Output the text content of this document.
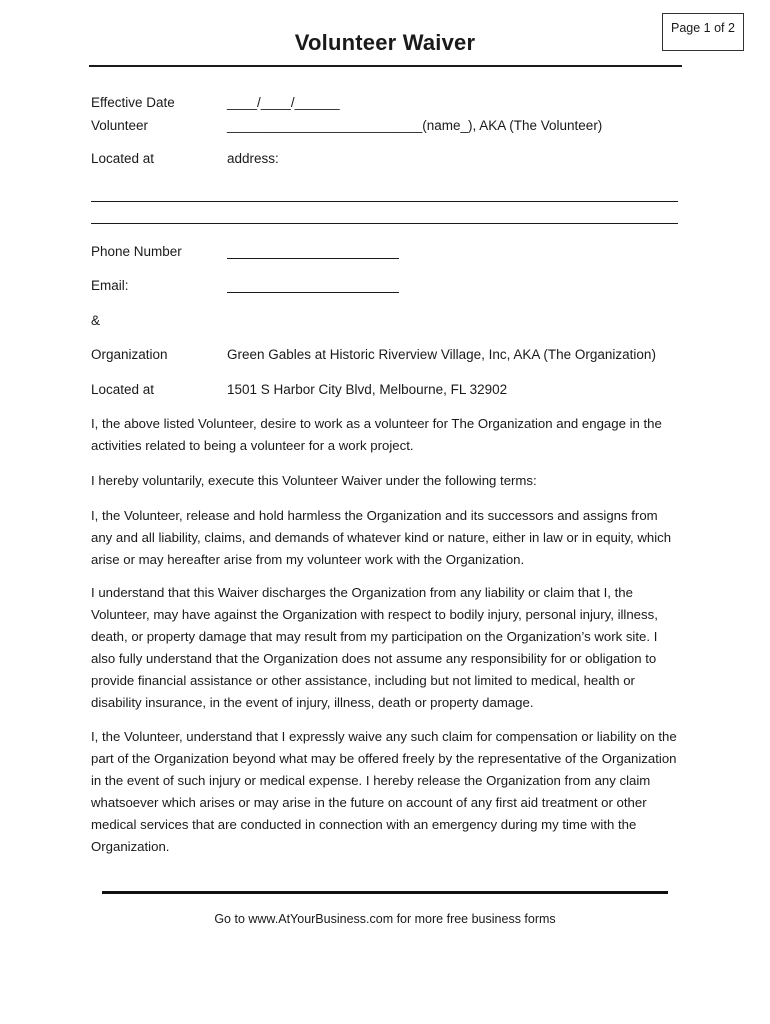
Page 1 of 2
Volunteer Waiver
Effective Date	____/____/______
Volunteer	__________________________(name_), AKA (The Volunteer)
Located at	address:
Phone Number
Email:
&
Organization	Green Gables at Historic Riverview Village, Inc, AKA (The Organization)
Located at	1501 S Harbor City Blvd, Melbourne, FL 32902
I, the above listed Volunteer, desire to work as a volunteer for The Organization and engage in the activities related to being a volunteer for a work project.
I hereby voluntarily, execute this Volunteer Waiver under the following terms:
I, the Volunteer, release and hold harmless the Organization and its successors and assigns from any and all liability, claims, and demands of whatever kind or nature, either in law or in equity, which arise or may hereafter arise from my volunteer work with the Organization.
I understand that this Waiver discharges the Organization from any liability or claim that I, the Volunteer, may have against the Organization with respect to bodily injury, personal injury, illness, death, or property damage that may result from my participation on the Organization’s work site. I also fully understand that the Organization does not assume any responsibility for or obligation to provide financial assistance or other assistance, including but not limited to medical, health or disability insurance, in the event of injury, illness, death or property damage.
I, the Volunteer, understand that I expressly waive any such claim for compensation or liability on the part of the Organization beyond what may be offered freely by the representative of the Organization in the event of such injury or medical expense. I hereby release the Organization from any claim whatsoever which arises or may arise in the future on account of any first aid treatment or other medical services that are conducted in connection with an emergency during my time with the Organization.
Go to www.AtYourBusiness.com for more free business forms
